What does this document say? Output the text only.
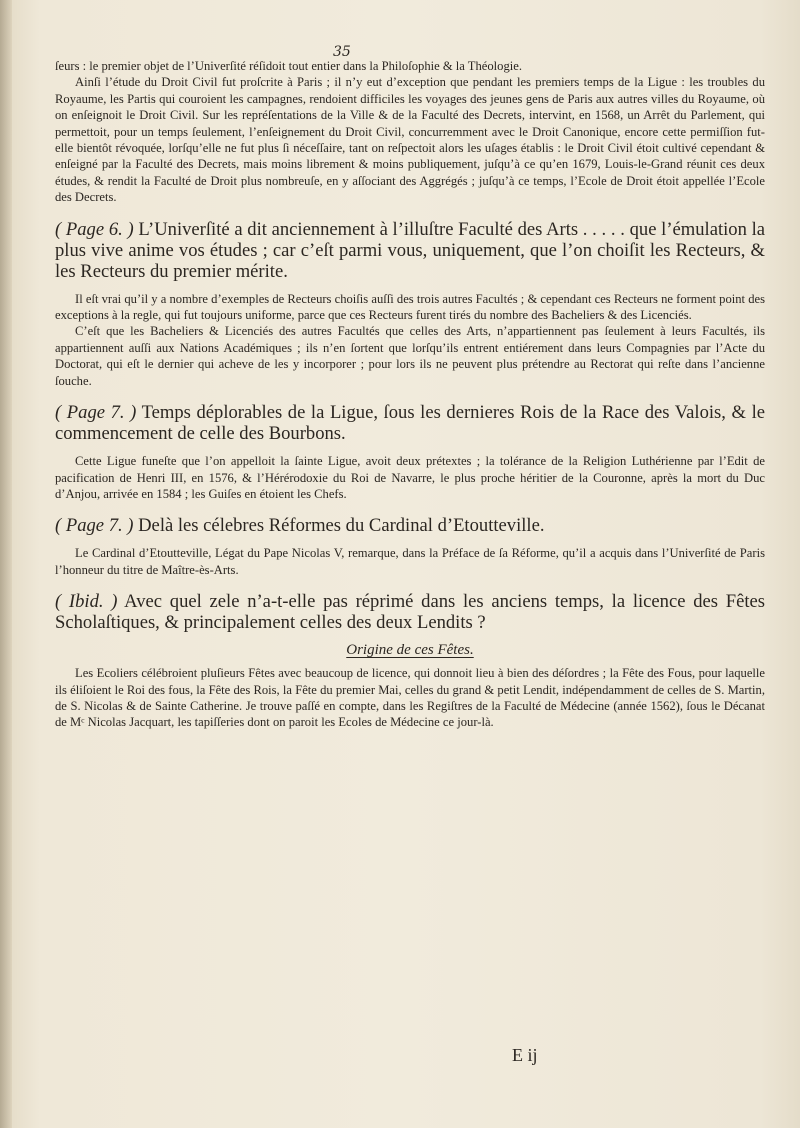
35

ſeurs : le premier objet de l’Univerſité réſidoit tout entier dans la Philoſophie & la Théologie.

Ainſi l’étude du Droit Civil fut proſcrite à Paris ; il n’y eut d’exception que pendant les premiers temps de la Ligue : les troubles du Royaume, les Partis qui couroient les campagnes, rendoient difficiles les voyages des jeunes gens de Paris aux autres villes du Royaume, où on enſeignoit le Droit Civil. Sur les repréſentations de la Ville & de la Faculté des Decrets, intervint, en 1568, un Arrêt du Parlement, qui permettoit, pour un temps ſeulement, l’enſeignement du Droit Civil, concurremment avec le Droit Canonique, encore cette permiſſion fut-elle bientôt révoquée, lorſqu’elle ne fut plus ſi néceſſaire, tant on reſpectoit alors les uſages établis : le Droit Civil étoit cultivé cependant & enſeigné par la Faculté des Decrets, mais moins librement & moins publiquement, juſqu’à ce qu’en 1679, Louis-le-Grand réunit ces deux études, & rendit la Faculté de Droit plus nombreuſe, en y aſſociant des Aggrégés ; juſqu’à ce temps, l’Ecole de Droit étoit appellée l’Ecole des Decrets.

( Page 6. ) L’Univerſité a dit anciennement à l’illuſtre Faculté des Arts . . . . . que l’émulation la plus vive anime vos études ; car c’eſt parmi vous, uniquement, que l’on choiſit les Recteurs, & les Recteurs du premier mérite.

Il eſt vrai qu’il y a nombre d’exemples de Recteurs choiſis auſſi des trois autres Facultés ; & cependant ces Recteurs ne forment point des exceptions à la regle, qui fut toujours uniforme, parce que ces Recteurs furent tirés du nombre des Bacheliers & des Licenciés.

C’eſt que les Bacheliers & Licenciés des autres Facultés que celles des Arts, n’appartiennent pas ſeulement à leurs Facultés, ils appartiennent auſſi aux Nations Académiques ; ils n’en ſortent que lorſqu’ils entrent entiérement dans leurs Compagnies par l’Acte du Doctorat, qui eſt le dernier qui acheve de les y incorporer ; pour lors ils ne peuvent plus prétendre au Rectorat qui reſte dans l’ancienne ſouche.

( Page 7. ) Temps déplorables de la Ligue, ſous les dernieres Rois de la Race des Valois, & le commencement de celle des Bourbons.

Cette Ligue funeſte que l’on appelloit la ſainte Ligue, avoit deux prétextes ; la tolérance de la Religion Luthérienne par l’Edit de pacification de Henri III, en 1576, & l’Hérérodoxie du Roi de Navarre, le plus proche héritier de la Couronne, après la mort du Duc d’Anjou, arrivée en 1584 ; les Guiſes en étoient les Chefs.

( Page 7. ) Delà les célebres Réformes du Cardinal d’Etoutteville.

Le Cardinal d’Etoutteville, Légat du Pape Nicolas V, remarque, dans la Préface de ſa Réforme, qu’il a acquis dans l’Univerſité de Paris l’honneur du titre de Maître-ès-Arts.

( Ibid. ) Avec quel zele n’a-t-elle pas réprimé dans les anciens temps, la licence des Fêtes Scholaſtiques, & principalement celles des deux Lendits ?

Origine de ces Fêtes.

Les Ecoliers célébroient pluſieurs Fêtes avec beaucoup de licence, qui donnoit lieu à bien des déſordres ; la Fête des Fous, pour laquelle ils éliſoient le Roi des fous, la Fête des Rois, la Fête du premier Mai, celles du grand & petit Lendit, indépendamment de celles de S. Martin, de S. Nicolas & de Sainte Catherine. Je trouve paſſé en compte, dans les Regiſtres de la Faculté de Médecine (année 1562), ſous le Décanat de Mᶜ Nicolas Jacquart, les tapiſſeries dont on paroit les Ecoles de Médecine ce jour-là.

E ij
